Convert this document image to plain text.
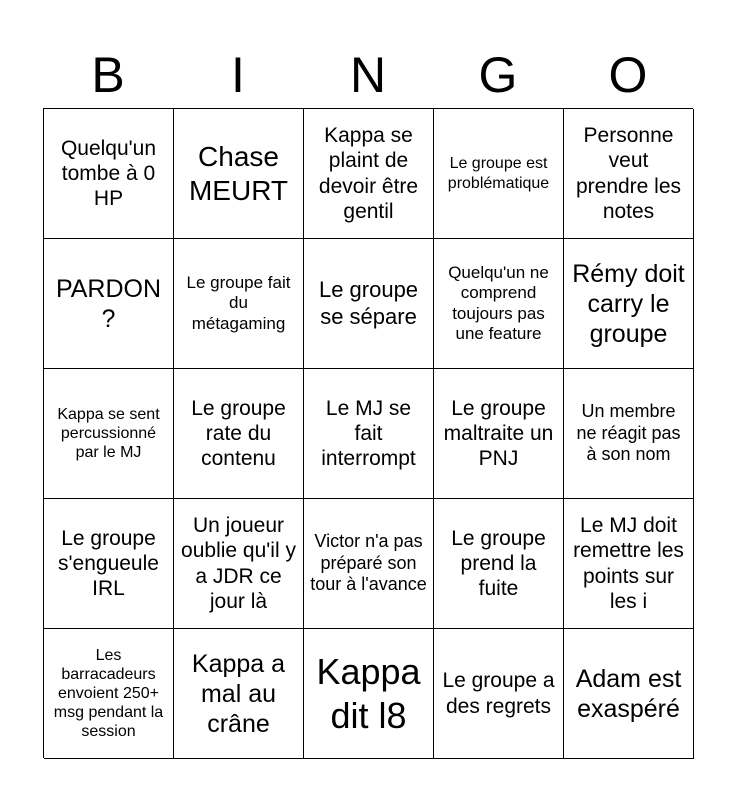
B	I	N	G	O
Quelqu'un tombe à 0 HP
Chase MEURT
Kappa se plaint de devoir être gentil
Le groupe est problématique
Personne veut prendre les notes
PARDON ?
Le groupe fait du métagaming
Le groupe se sépare
Quelqu'un ne comprend toujours pas une feature
Rémy doit carry le groupe
Kappa se sent percussionné par le MJ
Le groupe rate du contenu
Le MJ se fait interrompt
Le groupe maltraite un PNJ
Un membre ne réagit pas à son nom
Le groupe s'engueule IRL
Un joueur oublie qu'il y a JDR ce jour là
Victor n'a pas préparé son tour à l'avance
Le groupe prend la fuite
Le MJ doit remettre les points sur les i
Les barracadeurs envoient 250+ msg pendant la session
Kappa a mal au crâne
Kappa dit l8
Le groupe a des regrets
Adam est exaspéré
